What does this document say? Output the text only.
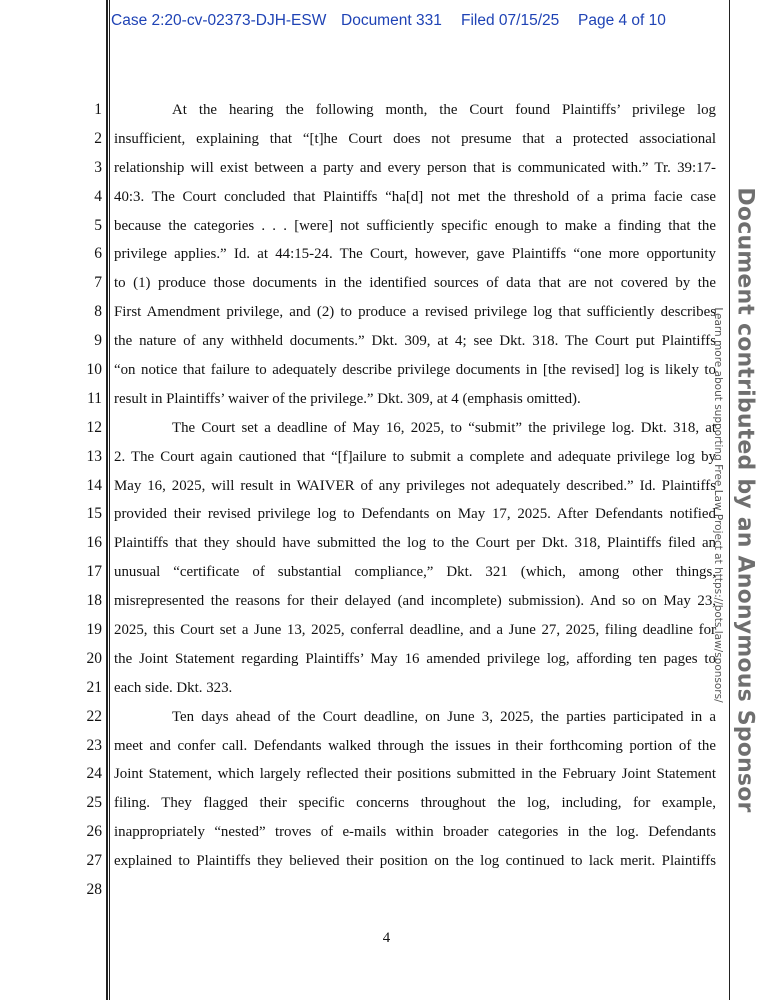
Case 2:20-cv-02373-DJH-ESW Document 331 Filed 07/15/25 Page 4 of 10
1
2
3
4
5
6
7
8
9
10
11
12
13
14
15
16
17
18
19
20
21
22
23
24
25
26
27
28
At the hearing the following month, the Court found Plaintiffs’ privilege log
insufficient, explaining that “[t]he Court does not presume that a protected associational
relationship will exist between a party and every person that is communicated with.” Tr. 39:17-
40:3. The Court concluded that Plaintiffs “ha[d] not met the threshold of a prima facie case
because the categories . . . [were] not sufficiently specific enough to make a finding that the
privilege applies.” Id. at 44:15-24. The Court, however, gave Plaintiffs “one more opportunity
to (1) produce those documents in the identified sources of data that are not covered by the
First Amendment privilege, and (2) to produce a revised privilege log that sufficiently describes
the nature of any withheld documents.” Dkt. 309, at 4; see Dkt. 318. The Court put Plaintiffs
“on notice that failure to adequately describe privilege documents in [the revised] log is likely to
result in Plaintiffs’ waiver of the privilege.” Dkt. 309, at 4 (emphasis omitted).
The Court set a deadline of May 16, 2025, to “submit” the privilege log. Dkt. 318, at
2. The Court again cautioned that “[f]ailure to submit a complete and adequate privilege log by
May 16, 2025, will result in WAIVER of any privileges not adequately described.” Id. Plaintiffs
provided their revised privilege log to Defendants on May 17, 2025. After Defendants notified
Plaintiffs that they should have submitted the log to the Court per Dkt. 318, Plaintiffs filed an
unusual “certificate of substantial compliance,” Dkt. 321 (which, among other things,
misrepresented the reasons for their delayed (and incomplete) submission). And so on May 23,
2025, this Court set a June 13, 2025, conferral deadline, and a June 27, 2025, filing deadline for
the Joint Statement regarding Plaintiffs’ May 16 amended privilege log, affording ten pages to
each side. Dkt. 323.
Ten days ahead of the Court deadline, on June 3, 2025, the parties participated in a
meet and confer call. Defendants walked through the issues in their forthcoming portion of the
Joint Statement, which largely reflected their positions submitted in the February Joint Statement
filing. They flagged their specific concerns throughout the log, including, for example,
inappropriately “nested” troves of e-mails within broader categories in the log. Defendants
explained to Plaintiffs they believed their position on the log continued to lack merit. Plaintiffs
4
Document contributed by an Anonymous Sponsor
Learn more about supporting Free Law Project at https://bots.law/sponsors/
